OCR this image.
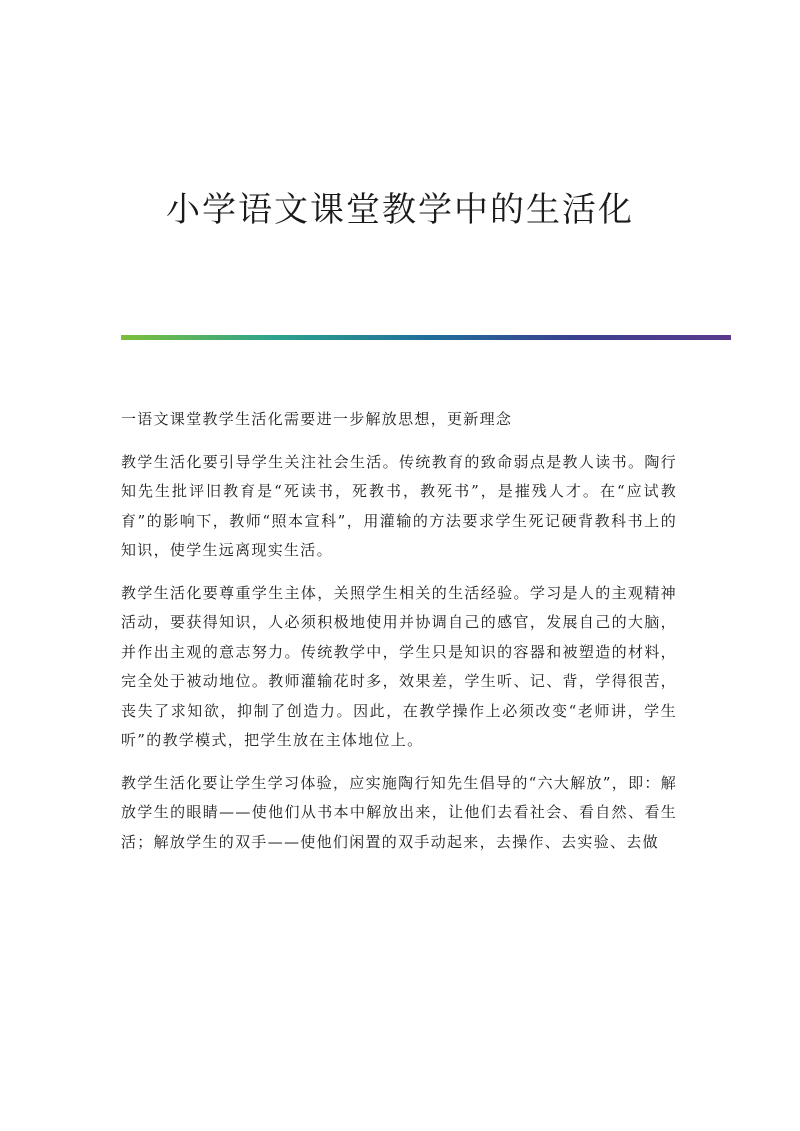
小学语文课堂教学中的生活化

一语文课堂教学生活化需要进一步解放思想，更新理念

教学生活化要引导学生关注社会生活。传统教育的致命弱点是教人读书。陶行知先生批评旧教育是“死读书，死教书，教死书”，是摧残人才。在“应试教育”的影响下，教师“照本宣科”，用灌输的方法要求学生死记硬背教科书上的知识，使学生远离现实生活。

教学生活化要尊重学生主体，关照学生相关的生活经验。学习是人的主观精神活动，要获得知识，人必须积极地使用并协调自己的感官，发展自己的大脑，并作出主观的意志努力。传统教学中，学生只是知识的容器和被塑造的材料，完全处于被动地位。教师灌输花时多，效果差，学生听、记、背，学得很苦，丧失了求知欲，抑制了创造力。因此，在教学操作上必须改变“老师讲，学生听”的教学模式，把学生放在主体地位上。

教学生活化要让学生学习体验，应实施陶行知先生倡导的“六大解放”，即：解放学生的眼睛——使他们从书本中解放出来，让他们去看社会、看自然、看生活；解放学生的双手——使他们闲置的双手动起来，去操作、去实验、去做
